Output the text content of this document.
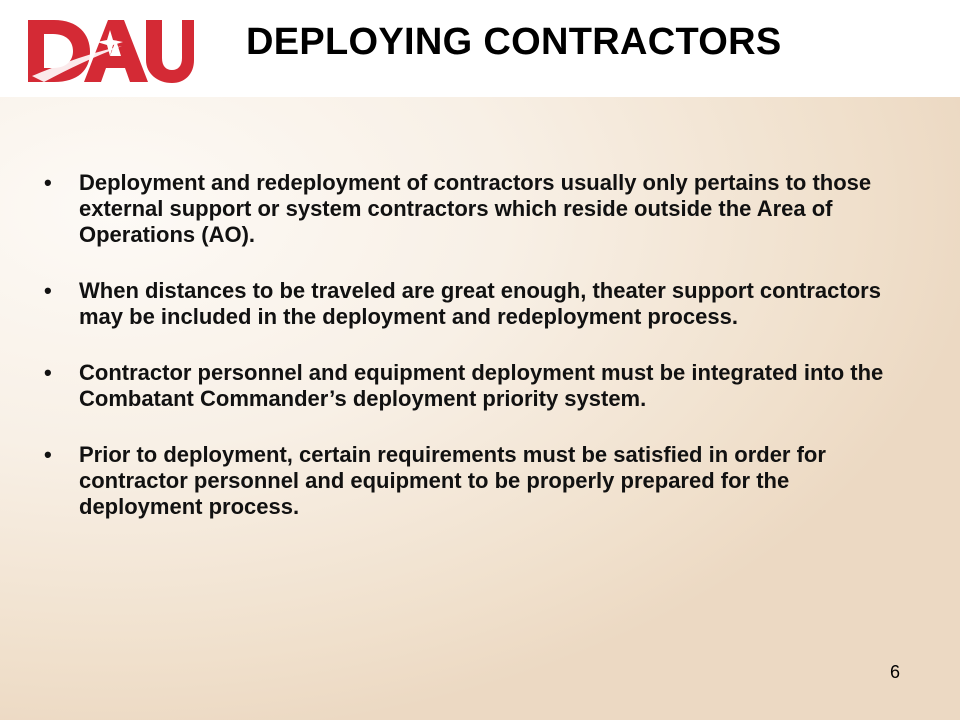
DAU
DEPLOYING CONTRACTORS
• Deployment and redeployment of contractors usually only pertains to those external support or system contractors which reside outside the Area of Operations (AO).
• When distances to be traveled are great enough, theater support contractors may be included in the deployment and redeployment process.
• Contractor personnel and equipment deployment must be integrated into the Combatant Commander’s deployment priority system.
• Prior to deployment, certain requirements must be satisfied in order for contractor personnel and equipment to be properly prepared for the deployment process.
6
